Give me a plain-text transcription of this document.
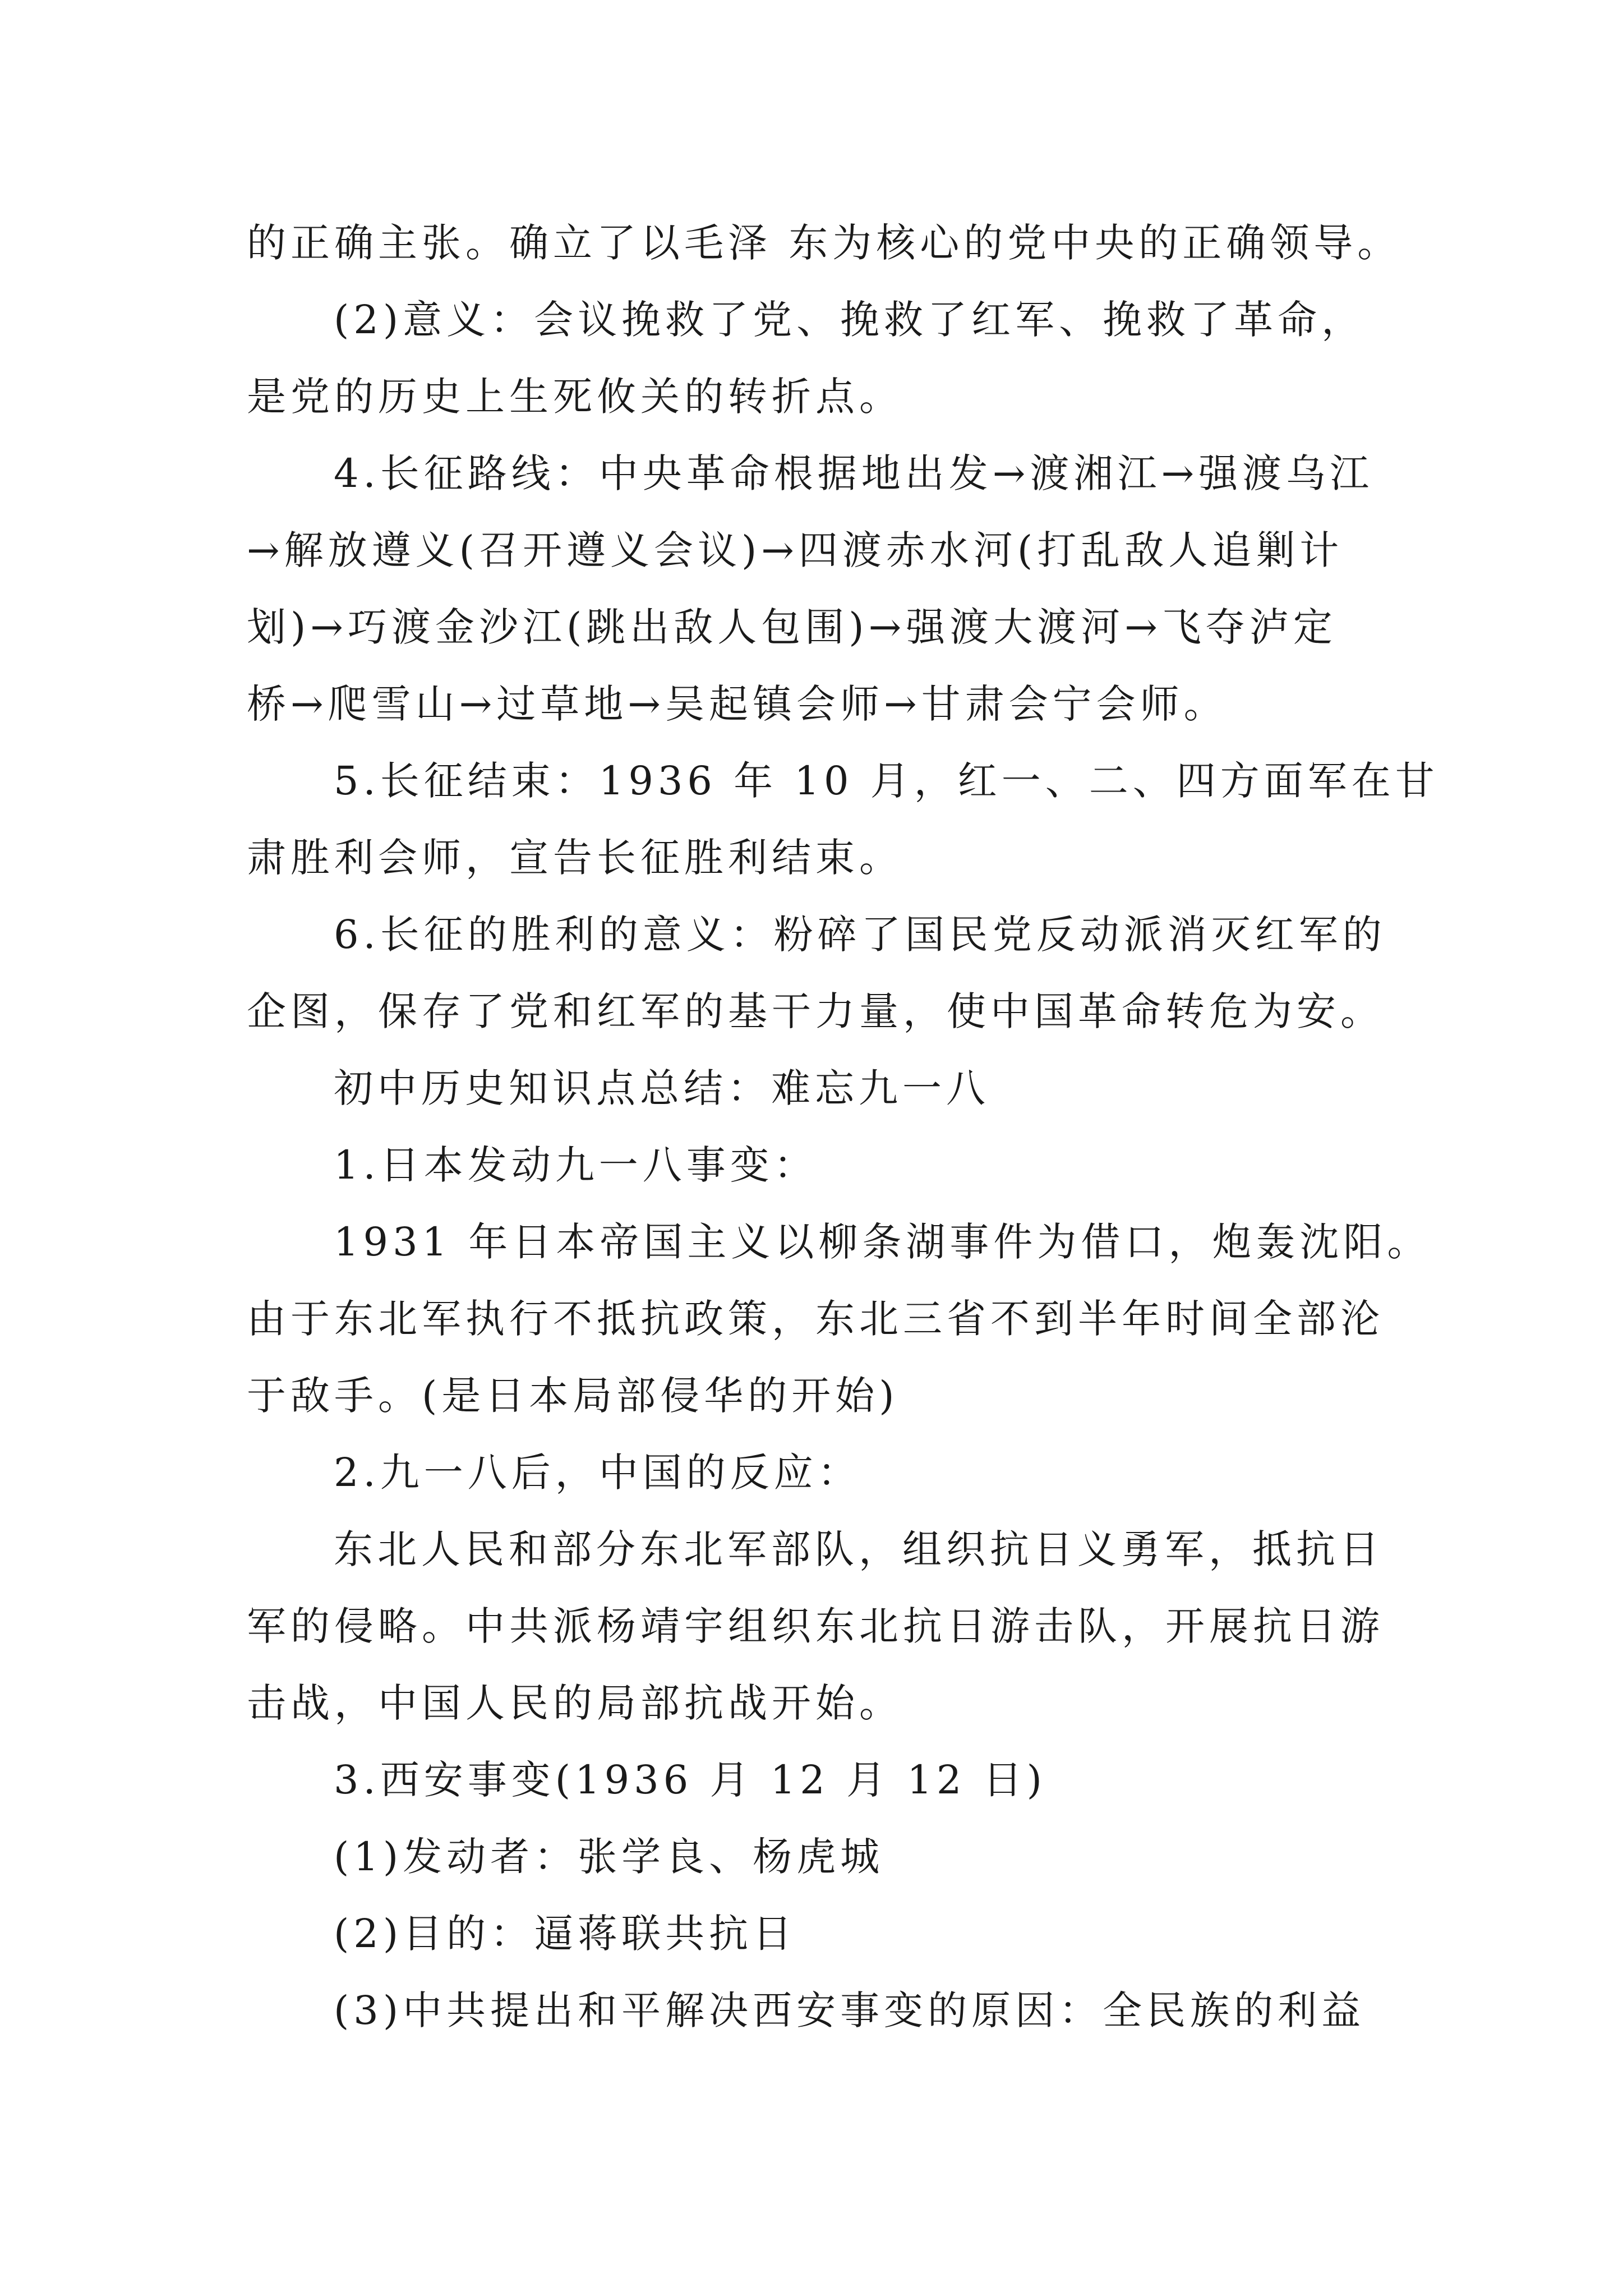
的正确主张。确立了以毛泽 东为核心的党中央的正确领导。
(2)意义：会议挽救了党、挽救了红军、挽救了革命，
是党的历史上生死攸关的转折点。
4.长征路线：中央革命根据地出发→渡湘江→强渡乌江
→解放遵义(召开遵义会议)→四渡赤水河(打乱敌人追剿计
划)→巧渡金沙江(跳出敌人包围)→强渡大渡河→飞夺泸定
桥→爬雪山→过草地→吴起镇会师→甘肃会宁会师。
5.长征结束：1936 年 10 月，红一、二、四方面军在甘
肃胜利会师，宣告长征胜利结束。
6.长征的胜利的意义：粉碎了国民党反动派消灭红军的
企图，保存了党和红军的基干力量，使中国革命转危为安。
初中历史知识点总结：难忘九一八
1.日本发动九一八事变：
1931 年日本帝国主义以柳条湖事件为借口，炮轰沈阳。
由于东北军执行不抵抗政策，东北三省不到半年时间全部沦
于敌手。(是日本局部侵华的开始)
2.九一八后，中国的反应：
东北人民和部分东北军部队，组织抗日义勇军，抵抗日
军的侵略。中共派杨靖宇组织东北抗日游击队，开展抗日游
击战，中国人民的局部抗战开始。
3.西安事变(1936 月 12 月 12 日)
(1)发动者：张学良、杨虎城
(2)目的：逼蒋联共抗日
(3)中共提出和平解决西安事变的原因：全民族的利益
